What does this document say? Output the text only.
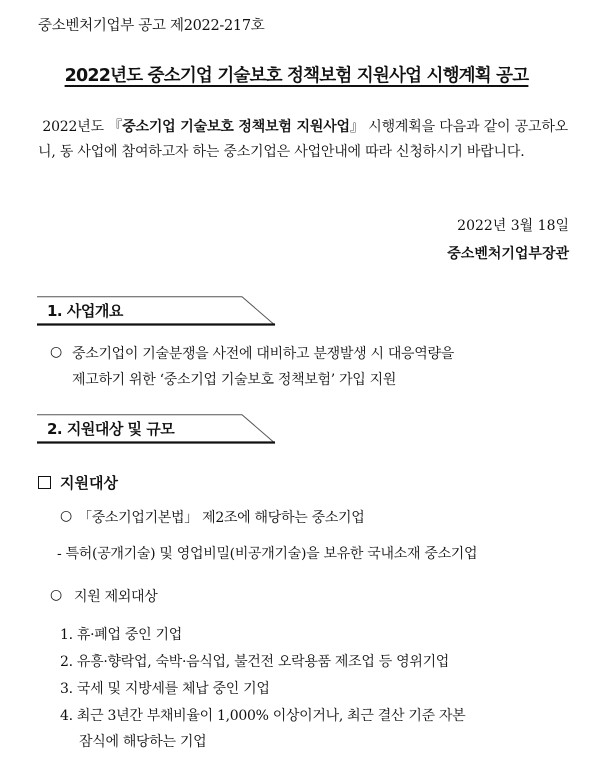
중소벤처기업부 공고 제2022-217호
2022년도 중소기업 기술보호 정책보험 지원사업 시행계획 공고
2022년도 『중소기업 기술보호 정책보험 지원사업』 시행계획을 다음과 같이 공고하오니, 동 사업에 참여하고자 하는 중소기업은 사업안내에 따라 신청하시기 바랍니다.
2022년 3월 18일
중소벤처기업부장관
1. 사업개요
○ 중소기업이 기술분쟁을 사전에 대비하고 분쟁발생 시 대응역량을
제고하기 위한 ‘중소기업 기술보호 정책보험’ 가입 지원
2. 지원대상 및 규모
지원대상
○ 「중소기업기본법」 제2조에 해당하는 중소기업
- 특허(공개기술) 및 영업비밀(비공개기술)을 보유한 국내소재 중소기업
○ 지원 제외대상
1. 휴·폐업 중인 기업
2. 유흥·향락업, 숙박·음식업, 불건전 오락용품 제조업 등 영위기업
3. 국세 및 지방세를 체납 중인 기업
4. 최근 3년간 부채비율이 1,000% 이상이거나, 최근 결산 기준 자본
잠식에 해당하는 기업
